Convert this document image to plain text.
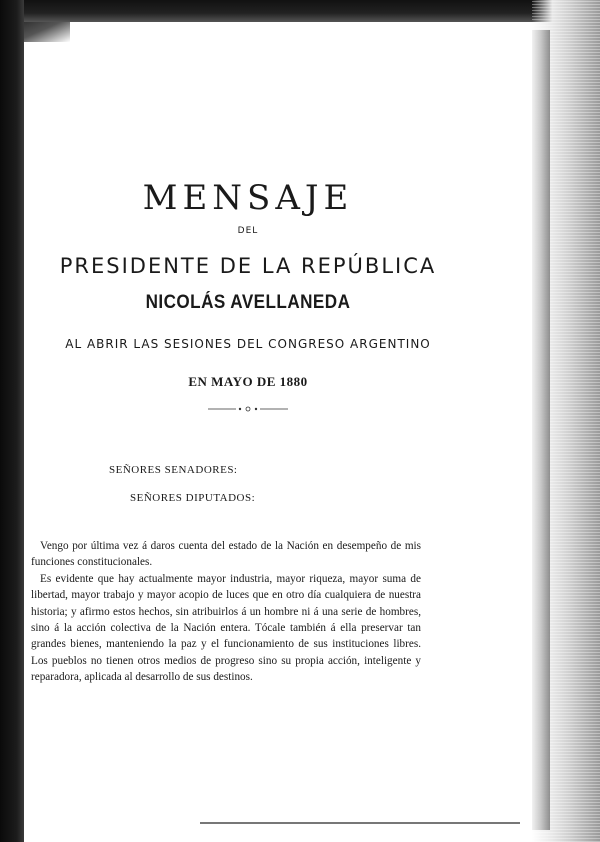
MENSAJE
DEL
PRESIDENTE DE LA REPÚBLICA
NICOLÁS AVELLANEDA
AL ABRIR LAS SESIONES DEL CONGRESO ARGENTINO
EN MAYO DE 1880
SEÑORES SENADORES:
SEÑORES DIPUTADOS:

Vengo por última vez á daros cuenta del estado de la Nación en desempeño de mis funciones constitucionales.

Es evidente que hay actualmente mayor industria, mayor riqueza, mayor suma de libertad, mayor trabajo y mayor acopio de luces que en otro día cualquiera de nuestra historia; y afirmo estos hechos, sin atribuirlos á un hombre ni á una serie de hombres, sino á la acción colectiva de la Nación entera. Tócale también á ella preservar tan grandes bienes, manteniendo la paz y el funcionamiento de sus instituciones libres. Los pueblos no tienen otros medios de progreso sino su propia acción, inteligente y reparadora, aplicada al desarrollo de sus destinos.
